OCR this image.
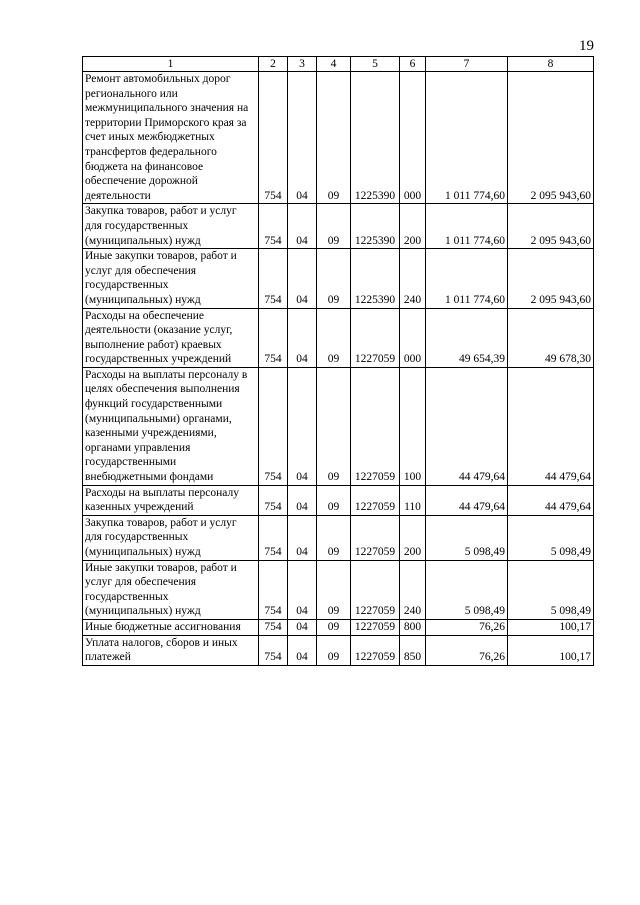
19
1	2	3	4	5	6	7	8
Ремонт автомобильных дорог регионального или межмуниципального значения на территории Приморского края за счет иных межбюджетных трансфертов федерального бюджета на финансовое обеспечение дорожной деятельности	754	04	09	1225390	000	1 011 774,60	2 095 943,60
Закупка товаров, работ и услуг для государственных (муниципальных) нужд	754	04	09	1225390	200	1 011 774,60	2 095 943,60
Иные закупки товаров, работ и услуг для обеспечения государственных (муниципальных) нужд	754	04	09	1225390	240	1 011 774,60	2 095 943,60
Расходы на обеспечение деятельности (оказание услуг, выполнение работ) краевых государственных учреждений	754	04	09	1227059	000	49 654,39	49 678,30
Расходы на выплаты персоналу в целях обеспечения выполнения функций государственными (муниципальными) органами, казенными учреждениями, органами управления государственными внебюджетными фондами	754	04	09	1227059	100	44 479,64	44 479,64
Расходы на выплаты персоналу казенных учреждений	754	04	09	1227059	110	44 479,64	44 479,64
Закупка товаров, работ и услуг для государственных (муниципальных) нужд	754	04	09	1227059	200	5 098,49	5 098,49
Иные закупки товаров, работ и услуг для обеспечения государственных (муниципальных) нужд	754	04	09	1227059	240	5 098,49	5 098,49
Иные бюджетные ассигнования	754	04	09	1227059	800	76,26	100,17
Уплата налогов, сборов и иных платежей	754	04	09	1227059	850	76,26	100,17
